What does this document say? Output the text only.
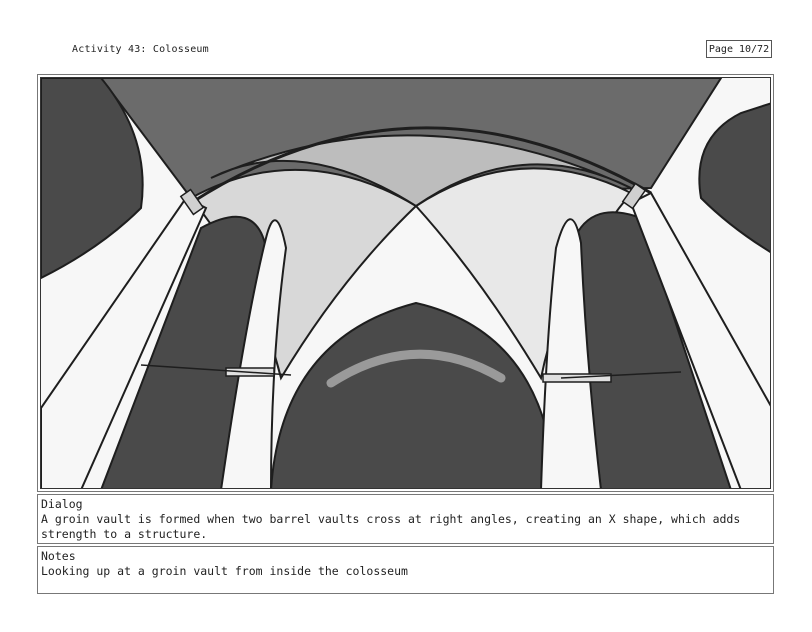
Activity 43: Colosseum	Page 10/72
Dialog
A groin vault is formed when two barrel vaults cross at right angles, creating an X shape, which adds strength to a structure.
Notes
Looking up at a groin vault from inside the colosseum
